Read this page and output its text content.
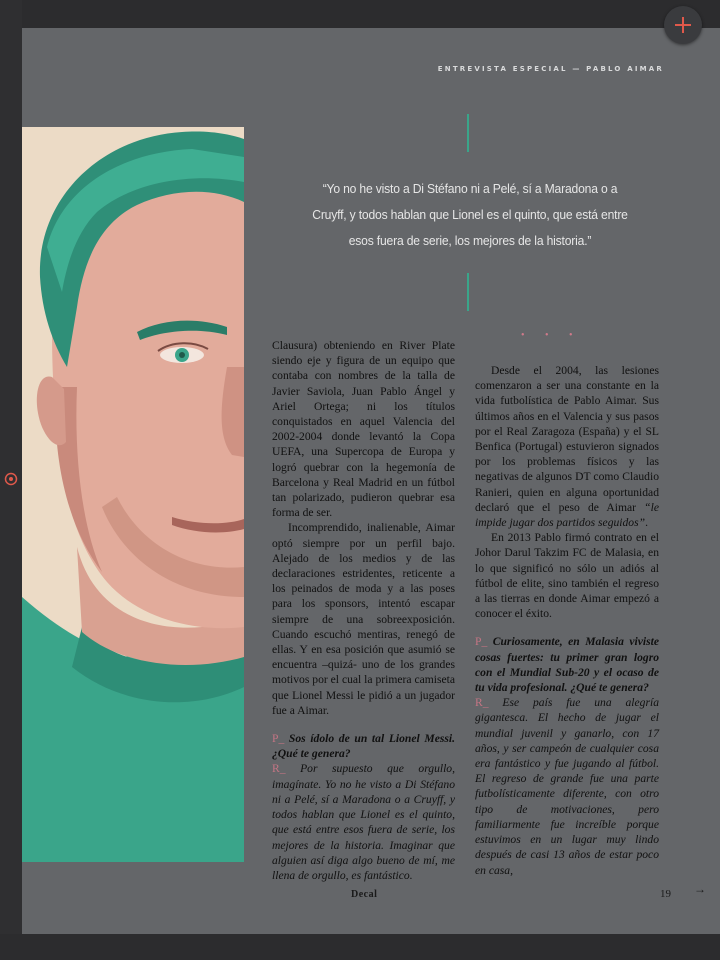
ENTREVISTA ESPECIAL — PABLO AIMAR
“Yo no he visto a Di Stéfano ni a Pelé, sí a Maradona o a Cruyff, y todos hablan que Lionel es el quinto, que está entre esos fuera de serie, los mejores de la historia.”
• • •

Clausura) obteniendo en River Plate siendo eje y figura de un equipo que contaba con nombres de la talla de Javier Saviola, Juan Pablo Ángel y Ariel Ortega; ni los títulos conquistados en aquel Valencia del 2002-2004 donde levantó la Copa UEFA, una Supercopa de Europa y logró quebrar con la hegemonía de Barcelona y Real Madrid en un fútbol tan polarizado, pudieron quebrar esa forma de ser.

Incomprendido, inalienable, Aimar optó siempre por un perfil bajo. Alejado de los medios y de las declaraciones estridentes, reticente a los peinados de moda y a las poses para los sponsors, intentó escapar siempre de una sobreexposición. Cuando escuchó mentiras, renegó de ellas. Y en esa posición que asumió se encuentra –quizá- uno de los grandes motivos por el cual la primera camiseta que Lionel Messi le pidió a un jugador fue a Aimar.

P_ Sos ídolo de un tal Lionel Messi. ¿Qué te genera?

R_ Por supuesto que orgullo, imagínate. Yo no he visto a Di Stéfano ni a Pelé, sí a Maradona o a Cruyff, y todos hablan que Lionel es el quinto, que está entre esos fuera de serie, los mejores de la historia. Imaginar que alguien así diga algo bueno de mí, me llena de orgullo, es fantástico.

Desde el 2004, las lesiones comenzaron a ser una constante en la vida futbolística de Pablo Aimar. Sus últimos años en el Valencia y sus pasos por el Real Zaragoza (España) y el SL Benfica (Portugal) estuvieron signados por los problemas físicos y las negativas de algunos DT como Claudio Ranieri, quien en alguna oportunidad declaró que el peso de Aimar “le impide jugar dos partidos seguidos”.

En 2013 Pablo firmó contrato en el Johor Darul Takzim FC de Malasia, en lo que significó no sólo un adiós al fútbol de elite, sino también el regreso a las tierras en donde Aimar empezó a conocer el éxito.

P_ Curiosamente, en Malasia viviste cosas fuertes: tu primer gran logro con el Mundial Sub-20 y el ocaso de tu vida profesional. ¿Qué te genera?

R_ Ese país fue una alegría gigantesca. El hecho de jugar el mundial juvenil y ganarlo, con 17 años, y ser campeón de cualquier cosa era fantástico y fue jugando al fútbol. El regreso de grande fue una parte futbolísticamente diferente, con otro tipo de motivaciones, pero familiarmente fue increíble porque estuvimos en un lugar muy lindo después de casi 13 años de estar poco en casa,

Decal	19 →
